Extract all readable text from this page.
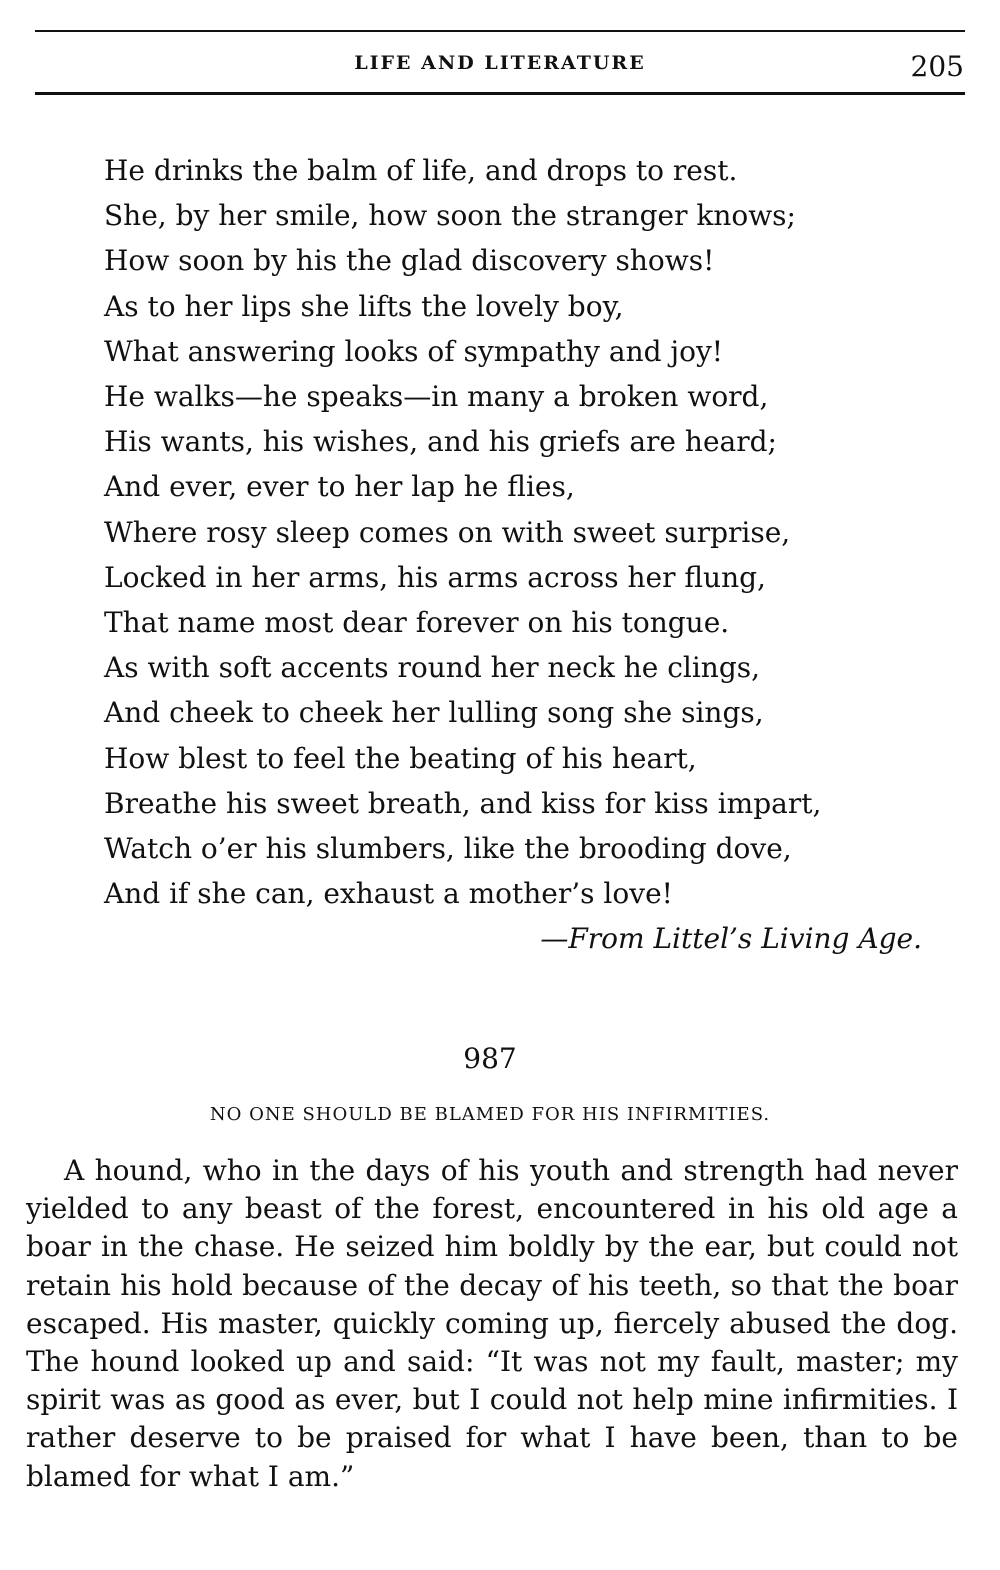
LIFE AND LITERATURE	205
He drinks the balm of life, and drops to rest.
She, by her smile, how soon the stranger knows;
How soon by his the glad discovery shows!
As to her lips she lifts the lovely boy,
What answering looks of sympathy and joy!
He walks—he speaks—in many a broken word,
His wants, his wishes, and his griefs are heard;
And ever, ever to her lap he flies,
Where rosy sleep comes on with sweet surprise,
Locked in her arms, his arms across her flung,
That name most dear forever on his tongue.
As with soft accents round her neck he clings,
And cheek to cheek her lulling song she sings,
How blest to feel the beating of his heart,
Breathe his sweet breath, and kiss for kiss impart,
Watch o’er his slumbers, like the brooding dove,
And if she can, exhaust a mother’s love!
—From Littel’s Living Age.
987
NO ONE SHOULD BE BLAMED FOR HIS INFIRMITIES.

A hound, who in the days of his youth and strength had never yielded to any beast of the forest, encountered in his old age a boar in the chase. He seized him boldly by the ear, but could not retain his hold because of the decay of his teeth, so that the boar escaped. His master, quickly coming up, fiercely abused the dog. The hound looked up and said: “It was not my fault, master; my spirit was as good as ever, but I could not help mine infirmities. I rather deserve to be praised for what I have been, than to be blamed for what I am.”
